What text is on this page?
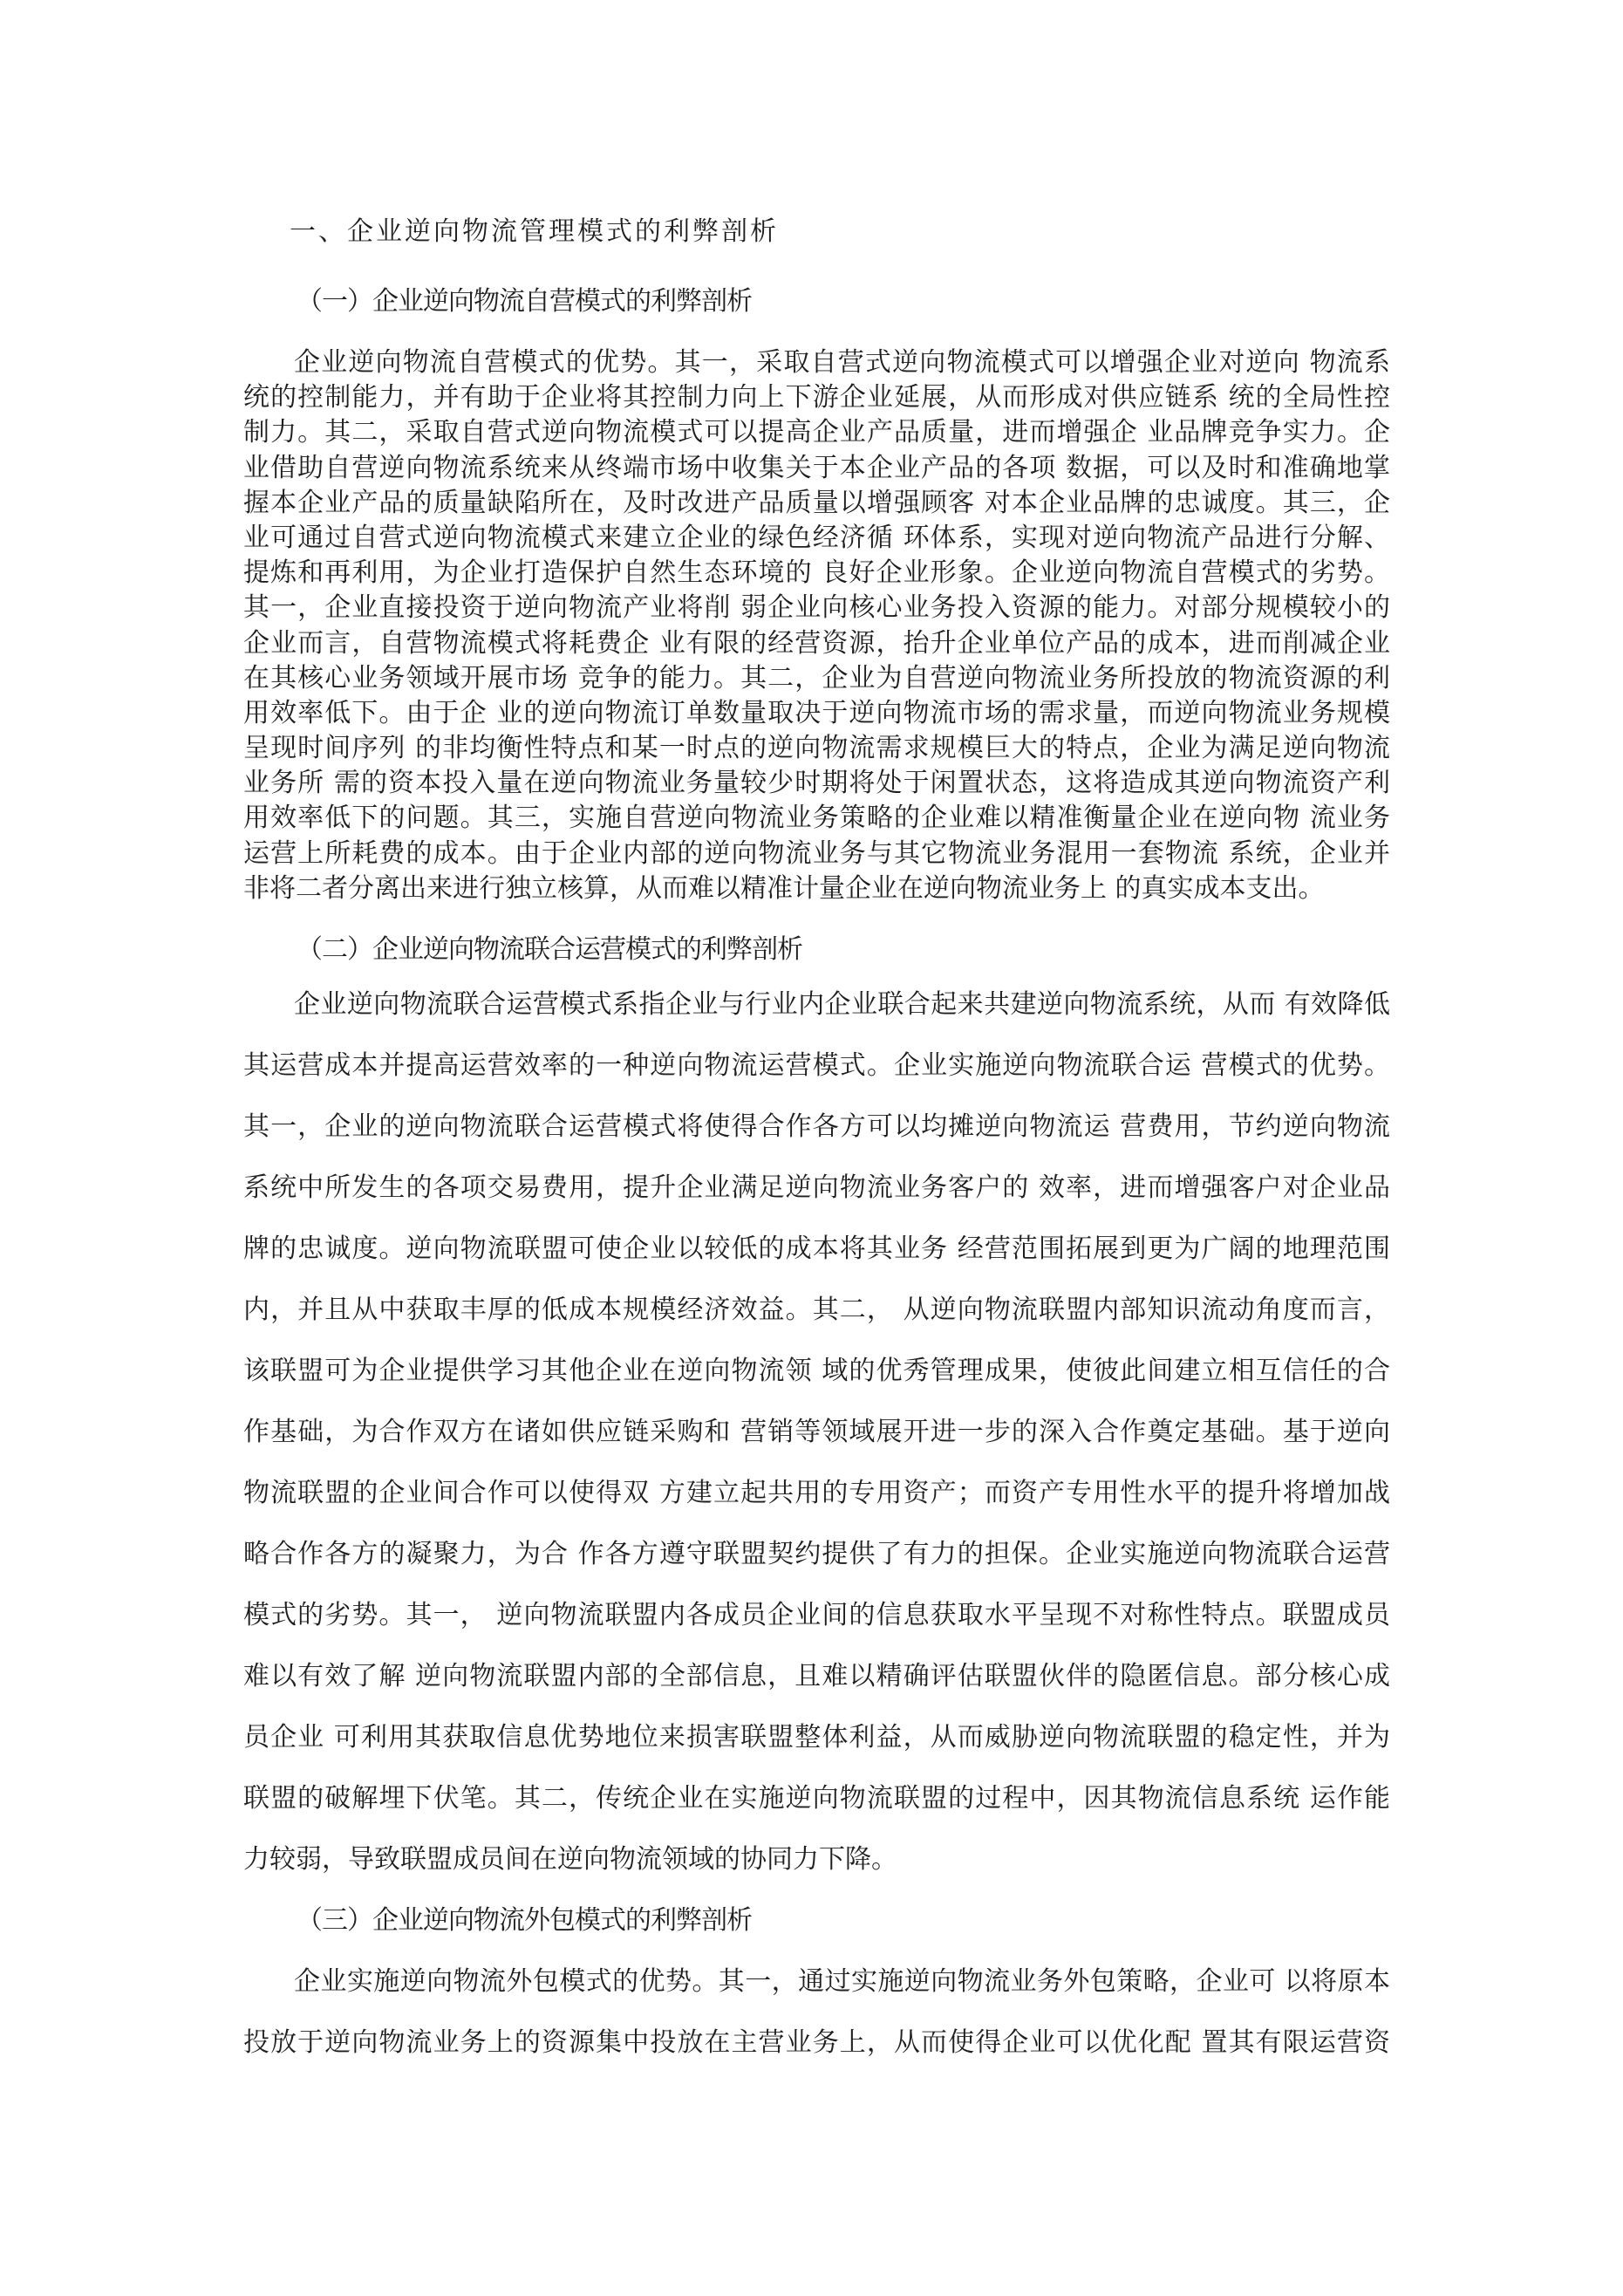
一、企业逆向物流管理模式的利弊剖析
（一）企业逆向物流自营模式的利弊剖析
企业逆向物流自营模式的优势。其一，采取自营式逆向物流模式可以增强企业对逆向 物流系
统的控制能力，并有助于企业将其控制力向上下游企业延展，从而形成对供应链系 统的全局性控
制力。其二，采取自营式逆向物流模式可以提高企业产品质量，进而增强企 业品牌竞争实力。企
业借助自营逆向物流系统来从终端市场中收集关于本企业产品的各项 数据，可以及时和准确地掌
握本企业产品的质量缺陷所在，及时改进产品质量以增强顾客 对本企业品牌的忠诚度。其三，企
业可通过自营式逆向物流模式来建立企业的绿色经济循 环体系，实现对逆向物流产品进行分解、
提炼和再利用，为企业打造保护自然生态环境的 良好企业形象。企业逆向物流自营模式的劣势。
其一，企业直接投资于逆向物流产业将削 弱企业向核心业务投入资源的能力。对部分规模较小的
企业而言，自营物流模式将耗费企 业有限的经营资源，抬升企业单位产品的成本，进而削减企业
在其核心业务领域开展市场 竞争的能力。其二，企业为自营逆向物流业务所投放的物流资源的利
用效率低下。由于企 业的逆向物流订单数量取决于逆向物流市场的需求量，而逆向物流业务规模
呈现时间序列 的非均衡性特点和某一时点的逆向物流需求规模巨大的特点，企业为满足逆向物流
业务所 需的资本投入量在逆向物流业务量较少时期将处于闲置状态，这将造成其逆向物流资产利
用效率低下的问题。其三，实施自营逆向物流业务策略的企业难以精准衡量企业在逆向物 流业务
运营上所耗费的成本。由于企业内部的逆向物流业务与其它物流业务混用一套物流 系统，企业并
非将二者分离出来进行独立核算，从而难以精准计量企业在逆向物流业务上 的真实成本支出。
（二）企业逆向物流联合运营模式的利弊剖析
企业逆向物流联合运营模式系指企业与行业内企业联合起来共建逆向物流系统，从而 有效降低
其运营成本并提高运营效率的一种逆向物流运营模式。企业实施逆向物流联合运 营模式的优势。
其一，企业的逆向物流联合运营模式将使得合作各方可以均摊逆向物流运 营费用，节约逆向物流
系统中所发生的各项交易费用，提升企业满足逆向物流业务客户的 效率，进而增强客户对企业品
牌的忠诚度。逆向物流联盟可使企业以较低的成本将其业务 经营范围拓展到更为广阔的地理范围
内，并且从中获取丰厚的低成本规模经济效益。其二， 从逆向物流联盟内部知识流动角度而言，
该联盟可为企业提供学习其他企业在逆向物流领 域的优秀管理成果，使彼此间建立相互信任的合
作基础，为合作双方在诸如供应链采购和 营销等领域展开进一步的深入合作奠定基础。基于逆向
物流联盟的企业间合作可以使得双 方建立起共用的专用资产；而资产专用性水平的提升将增加战
略合作各方的凝聚力，为合 作各方遵守联盟契约提供了有力的担保。企业实施逆向物流联合运营
模式的劣势。其一， 逆向物流联盟内各成员企业间的信息获取水平呈现不对称性特点。联盟成员
难以有效了解 逆向物流联盟内部的全部信息，且难以精确评估联盟伙伴的隐匿信息。部分核心成
员企业 可利用其获取信息优势地位来损害联盟整体利益，从而威胁逆向物流联盟的稳定性，并为
联盟的破解埋下伏笔。其二，传统企业在实施逆向物流联盟的过程中，因其物流信息系统 运作能
力较弱，导致联盟成员间在逆向物流领域的协同力下降。
（三）企业逆向物流外包模式的利弊剖析
企业实施逆向物流外包模式的优势。其一，通过实施逆向物流业务外包策略，企业可 以将原本
投放于逆向物流业务上的资源集中投放在主营业务上，从而使得企业可以优化配 置其有限运营资
